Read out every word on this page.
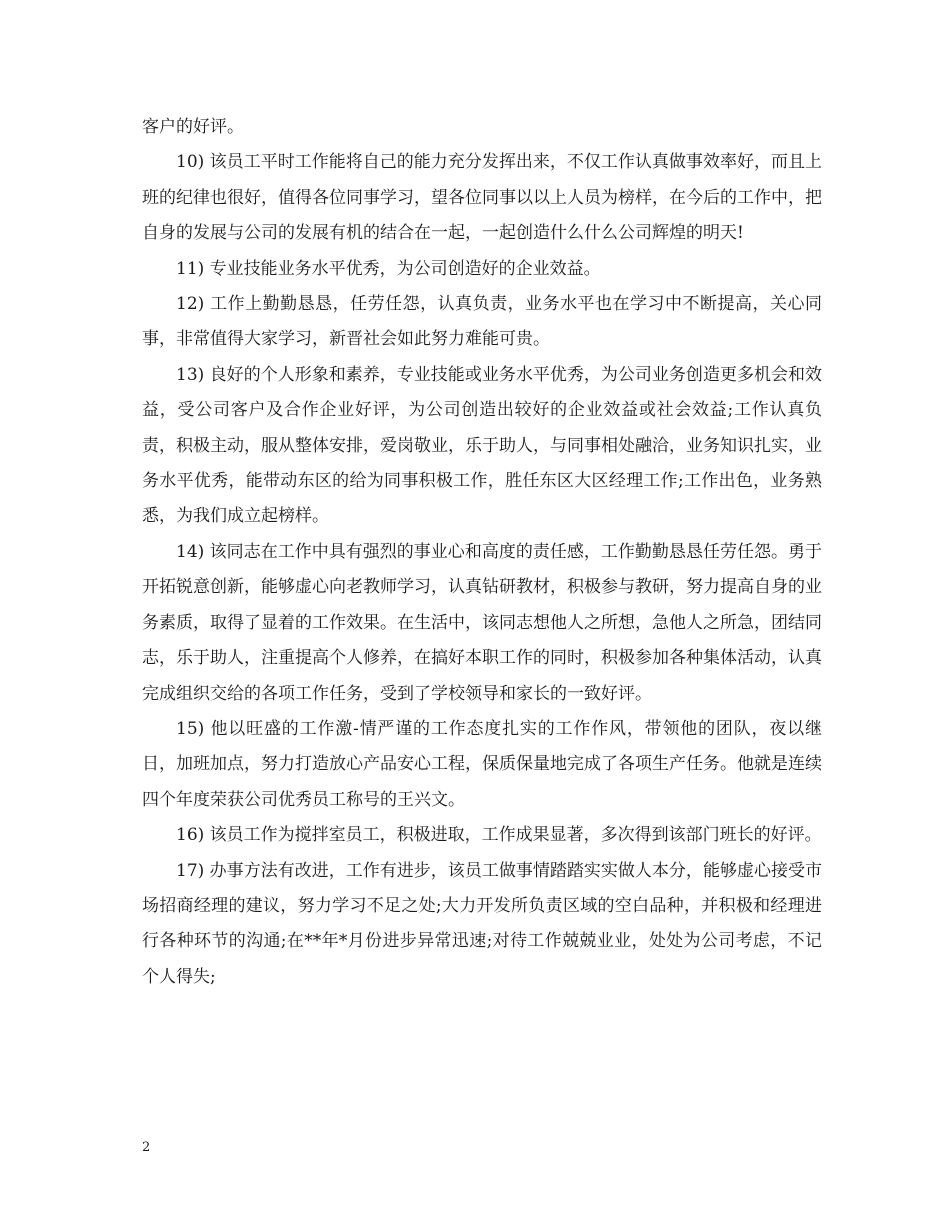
客户的好评。

10) 该员工平时工作能将自己的能力充分发挥出来，不仅工作认真做事效率好，而且上班的纪律也很好，值得各位同事学习，望各位同事以以上人员为榜样，在今后的工作中，把自身的发展与公司的发展有机的结合在一起，一起创造什么什么公司辉煌的明天!

11) 专业技能业务水平优秀，为公司创造好的企业效益。

12) 工作上勤勤恳恳，任劳任怨，认真负责，业务水平也在学习中不断提高，关心同事，非常值得大家学习，新晋社会如此努力难能可贵。

13) 良好的个人形象和素养，专业技能或业务水平优秀，为公司业务创造更多机会和效益，受公司客户及合作企业好评，为公司创造出较好的企业效益或社会效益;工作认真负责，积极主动，服从整体安排，爱岗敬业，乐于助人，与同事相处融洽，业务知识扎实，业务水平优秀，能带动东区的给为同事积极工作，胜任东区大区经理工作;工作出色，业务熟悉，为我们成立起榜样。

14) 该同志在工作中具有强烈的事业心和高度的责任感，工作勤勤恳恳任劳任怨。勇于开拓锐意创新，能够虚心向老教师学习，认真钻研教材，积极参与教研，努力提高自身的业务素质，取得了显着的工作效果。在生活中，该同志想他人之所想，急他人之所急，团结同志，乐于助人，注重提高个人修养，在搞好本职工作的同时，积极参加各种集体活动，认真完成组织交给的各项工作任务，受到了学校领导和家长的一致好评。

15) 他以旺盛的工作激-情严谨的工作态度扎实的工作作风，带领他的团队，夜以继日，加班加点，努力打造放心产品安心工程，保质保量地完成了各项生产任务。他就是连续四个年度荣获公司优秀员工称号的王兴文。

16) 该员工作为搅拌室员工，积极进取，工作成果显著，多次得到该部门班长的好评。

17) 办事方法有改进，工作有进步，该员工做事情踏踏实实做人本分，能够虚心接受市场招商经理的建议，努力学习不足之处;大力开发所负责区域的空白品种，并积极和经理进行各种环节的沟通;在**年*月份进步异常迅速;对待工作兢兢业业，处处为公司考虑，不记个人得失;

2
